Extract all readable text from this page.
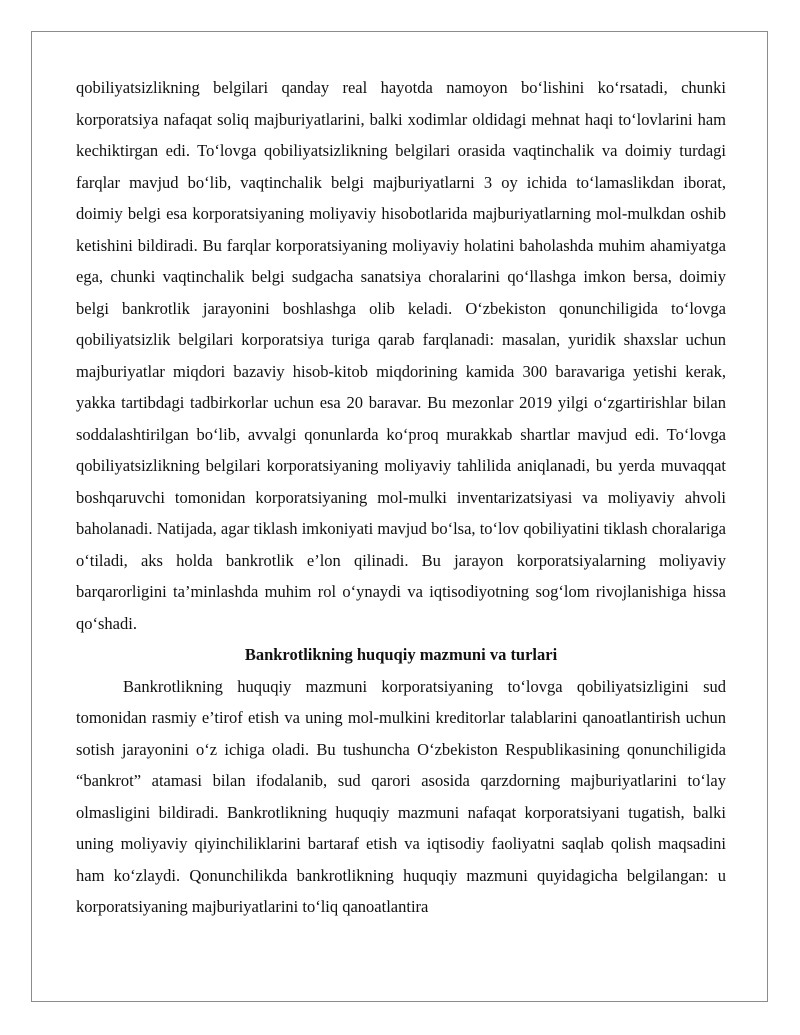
qobiliyatsizlikning belgilari qanday real hayotda namoyon bo‘lishini ko‘rsatadi, chunki korporatsiya nafaqat soliq majburiyatlarini, balki xodimlar oldidagi mehnat haqi to‘lovlarini ham kechiktirgan edi. To‘lovga qobiliyatsizlikning belgilari orasida vaqtinchalik va doimiy turdagi farqlar mavjud bo‘lib, vaqtinchalik belgi majburiyatlarni 3 oy ichida to‘lamaslikdan iborat, doimiy belgi esa korporatsiyaning moliyaviy hisobotlarida majburiyatlarning mol-mulkdan oshib ketishini bildiradi. Bu farqlar korporatsiyaning moliyaviy holatini baholashda muhim ahamiyatga ega, chunki vaqtinchalik belgi sudgacha sanatsiya choralarini qo‘llashga imkon bersa, doimiy belgi bankrotlik jarayonini boshlashga olib keladi. O‘zbekiston qonunchiligida to‘lovga qobiliyatsizlik belgilari korporatsiya turiga qarab farqlanadi: masalan, yuridik shaxslar uchun majburiyatlar miqdori bazaviy hisob-kitob miqdorining kamida 300 baravariga yetishi kerak, yakka tartibdagi tadbirkorlar uchun esa 20 baravar. Bu mezonlar 2019 yilgi o‘zgartirishlar bilan soddalashtirilgan bo‘lib, avvalgi qonunlarda ko‘proq murakkab shartlar mavjud edi. To‘lovga qobiliyatsizlikning belgilari korporatsiyaning moliyaviy tahlilida aniqlanadi, bu yerda muvaqqat boshqaruvchi tomonidan korporatsiyaning mol-mulki inventarizatsiyasi va moliyaviy ahvoli baholanadi. Natijada, agar tiklash imkoniyati mavjud bo‘lsa, to‘lov qobiliyatini tiklash choralariga o‘tiladi, aks holda bankrotlik e’lon qilinadi. Bu jarayon korporatsiyalarning moliyaviy barqarorligini ta’minlashda muhim rol o‘ynaydi va iqtisodiyotning sog‘lom rivojlanishiga hissa qo‘shadi.

Bankrotlikning huquqiy mazmuni va turlari

Bankrotlikning huquqiy mazmuni korporatsiyaning to‘lovga qobiliyatsizligini sud tomonidan rasmiy e’tirof etish va uning mol-mulkini kreditorlar talablarini qanoatlantirish uchun sotish jarayonini o‘z ichiga oladi. Bu tushuncha O‘zbekiston Respublikasining qonunchiligida “bankrot” atamasi bilan ifodalanib, sud qarori asosida qarzdorning majburiyatlarini to‘lay olmasligini bildiradi. Bankrotlikning huquqiy mazmuni nafaqat korporatsiyani tugatish, balki uning moliyaviy qiyinchiliklarini bartaraf etish va iqtisodiy faoliyatni saqlab qolish maqsadini ham ko‘zlaydi. Qonunchilikda bankrotlikning huquqiy mazmuni quyidagicha belgilangan: u korporatsiyaning majburiyatlarini to‘liq qanoatlantira
